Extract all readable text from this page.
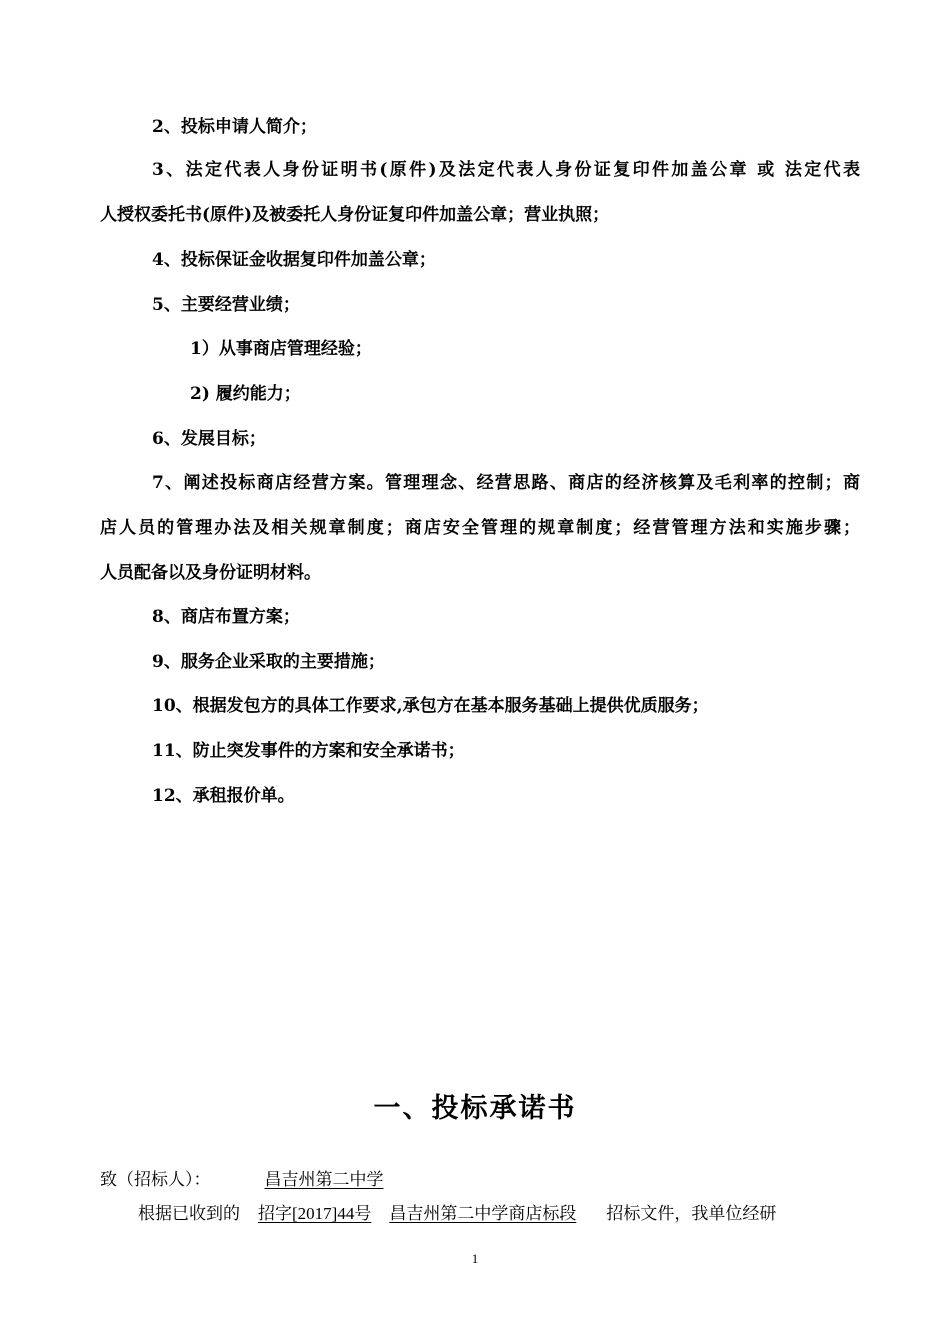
2、投标申请人简介；
3、法定代表人身份证明书(原件)及法定代表人身份证复印件加盖公章 或 法定代表
人授权委托书(原件)及被委托人身份证复印件加盖公章；营业执照；
4、投标保证金收据复印件加盖公章；
5、主要经营业绩；
1）从事商店管理经验；
2) 履约能力；
6、发展目标；
7、阐述投标商店经营方案。管理理念、经营思路、商店的经济核算及毛利率的控制；商
店人员的管理办法及相关规章制度；商店安全管理的规章制度；经营管理方法和实施步骤；
人员配备以及身份证明材料。
8、商店布置方案；
9、服务企业采取的主要措施；
10、根据发包方的具体工作要求,承包方在基本服务基础上提供优质服务；
11、防止突发事件的方案和安全承诺书；
12、承租报价单。
一、投标承诺书
致（招标人）：	昌吉州第二中学
根据已收到的 招字[2017]44号 昌吉州第二中学商店标段 招标文件，我单位经研
1
